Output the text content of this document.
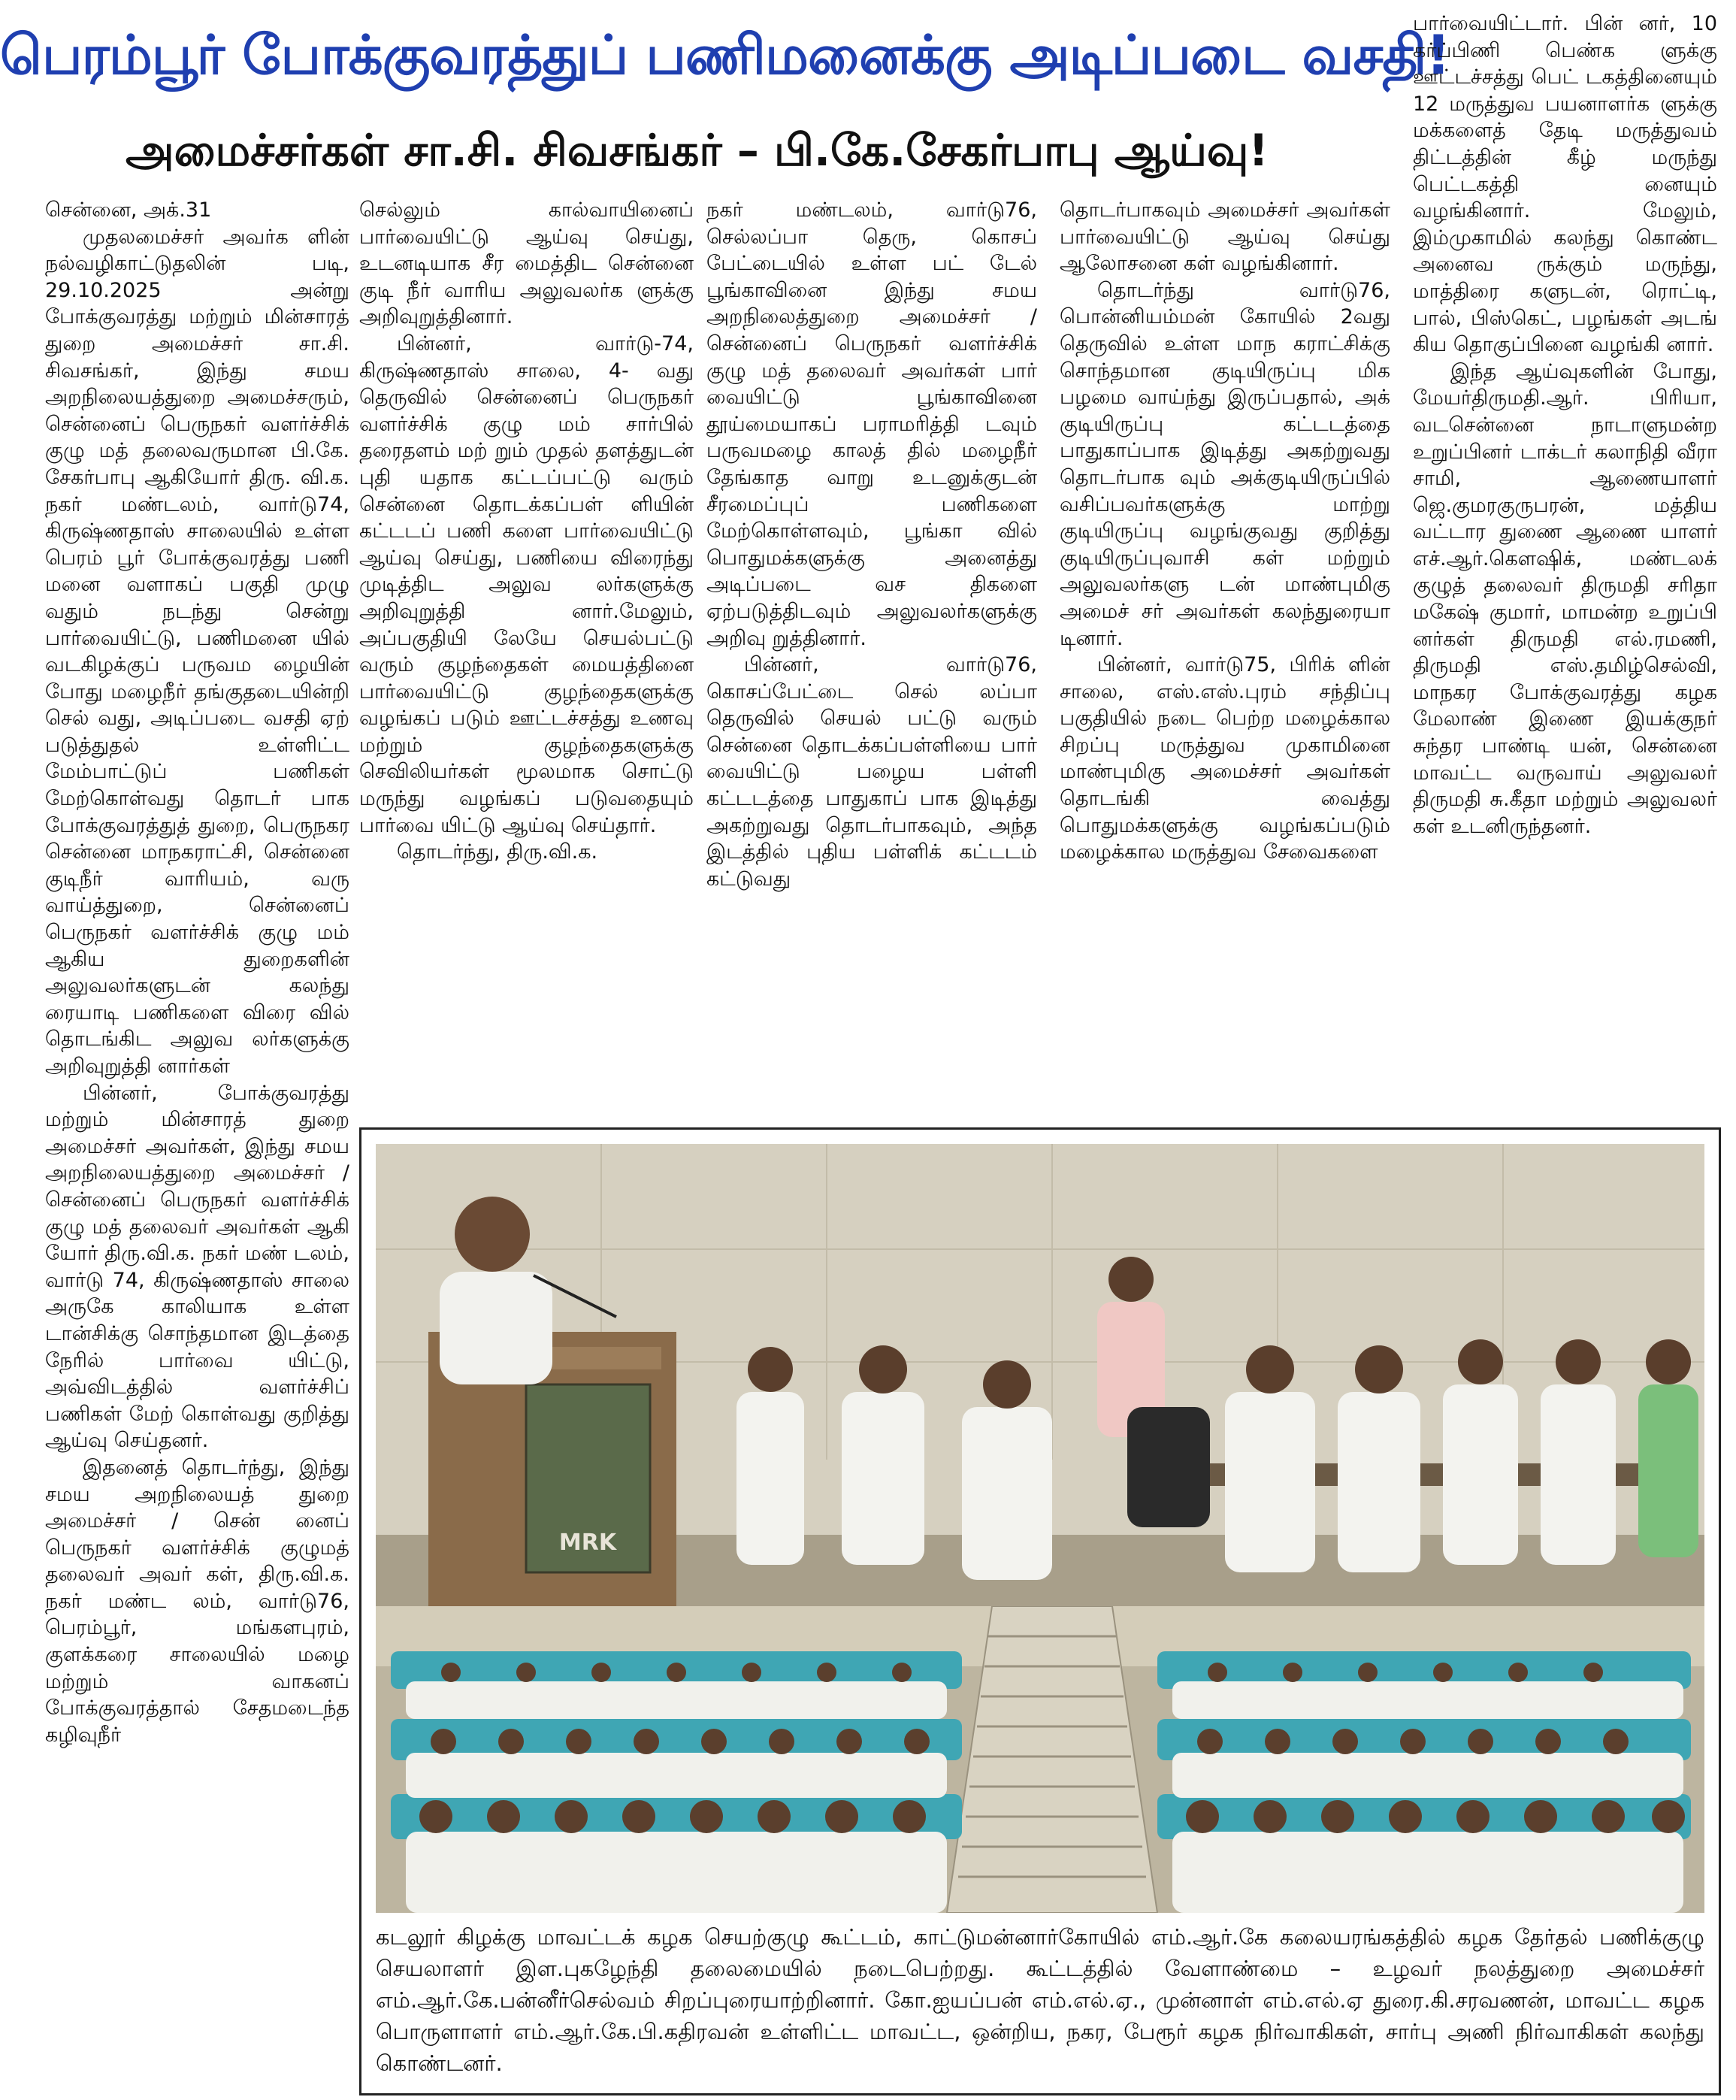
பெரம்பூர் போக்குவரத்துப் பணிமனைக்கு அடிப்படை வசதி!
அமைச்சர்கள் சா.சி. சிவசங்கர் – பி.கே.சேகர்பாபு ஆய்வு!

சென்னை, அக்.31

முதலமைச்சர் அவர்க ளின் நல்வழிகாட்டுதலின் படி, 29.10.2025 அன்று போக்குவரத்து மற்றும் மின்சாரத் துறை அமைச்சர் சா.சி. சிவசங்கர், இந்து சமய அறநிலையத்துறை அமைச்சரும், சென்னைப் பெருநகர் வளர்ச்சிக் குழு மத் தலைவருமான பி.கே. சேகர்பாபு ஆகியோர் திரு. வி.க. நகர் மண்டலம், வார்டு74, கிருஷ்ணதாஸ் சாலையில் உள்ள பெரம் பூர் போக்குவரத்து பணி மனை வளாகப் பகுதி முழு வதும் நடந்து சென்று பார்வையிட்டு, பணிமனை யில் வடகிழக்குப் பருவம ழையின் போது மழைநீர் தங்குதடையின்றி செல் வது, அடிப்படை வசதி ஏற் படுத்துதல் உள்ளிட்ட மேம்பாட்டுப் பணிகள் மேற்கொள்வது தொடர் பாக போக்குவரத்துத் துறை, பெருநகர சென்னை மாநகராட்சி, சென்னை குடிநீர் வாரியம், வரு வாய்த்துறை, சென்னைப் பெருநகர் வளர்ச்சிக் குழு மம் ஆகிய துறைகளின் அலுவலர்களுடன் கலந்து ரையாடி பணிகளை விரை வில் தொடங்கிட அலுவ லர்களுக்கு அறிவுறுத்தி னார்கள்

பின்னர், போக்குவரத்து மற்றும் மின்சாரத் துறை அமைச்சர் அவர்கள், இந்து சமய அறநிலையத்துறை அமைச்சர் / சென்னைப் பெருநகர் வளர்ச்சிக் குழு மத் தலைவர் அவர்கள் ஆகி யோர் திரு.வி.க. நகர் மண் டலம், வார்டு 74, கிருஷ்ணதாஸ் சாலை அருகே காலியாக உள்ள டான்சிக்கு சொந்தமான இடத்தை நேரில் பார்வை யிட்டு, அவ்விடத்தில் வளர்ச்சிப் பணிகள் மேற் கொள்வது குறித்து ஆய்வு செய்தனர்.

இதனைத் தொடர்ந்து, இந்து சமய அறநிலையத் துறை அமைச்சர் / சென் னைப் பெருநகர் வளர்ச்சிக் குழுமத் தலைவர் அவர் கள், திரு.வி.க. நகர் மண்ட லம், வார்டு76, பெரம்பூர், மங்களபுரம், குளக்கரை சாலையில் மழை மற்றும் வாகனப் போக்குவரத்தால் சேதமடைந்த கழிவுநீர்

செல்லும் கால்வாயினைப் பார்வையிட்டு ஆய்வு செய்து, உடனடியாக சீர மைத்திட சென்னை குடி நீர் வாரிய அலுவலர்க ளுக்கு அறிவுறுத்தினார்.

பின்னர், வார்டு-74, கிருஷ்ணதாஸ் சாலை, 4- வது தெருவில் சென்னைப் பெருநகர் வளர்ச்சிக் குழு மம் சார்பில் தரைதளம் மற் றும் முதல் தளத்துடன் புதி யதாக கட்டப்பட்டு வரும் சென்னை தொடக்கப்பள் ளியின் கட்டடப் பணி களை பார்வையிட்டு ஆய்வு செய்து, பணியை விரைந்து முடித்திட அலுவ லர்களுக்கு அறிவுறுத்தி னார்.மேலும், அப்பகுதியி லேயே செயல்பட்டு வரும் குழந்தைகள் மையத்தினை பார்வையிட்டு குழந்தைகளுக்கு வழங்கப் படும் ஊட்டச்சத்து உணவு மற்றும் குழந்தைகளுக்கு செவிலியர்கள் மூலமாக சொட்டு மருந்து வழங்கப் படுவதையும் பார்வை யிட்டு ஆய்வு செய்தார்.

தொடர்ந்து, திரு.வி.க.

நகர் மண்டலம், வார்டு76, செல்லப்பா தெரு, கொசப் பேட்டையில் உள்ள பட் டேல் பூங்காவினை இந்து சமய அறநிலைத்துறை அமைச்சர் / சென்னைப் பெருநகர் வளர்ச்சிக் குழு மத் தலைவர் அவர்கள் பார் வையிட்டு பூங்காவினை தூய்மையாகப் பராமரித்தி டவும் பருவமழை காலத் தில் மழைநீர் தேங்காத வாறு உடனுக்குடன் சீரமைப்புப் பணிகளை மேற்கொள்ளவும், பூங்கா வில் பொதுமக்களுக்கு அனைத்து அடிப்படை வச திகளை ஏற்படுத்திடவும் அலுவலர்களுக்கு அறிவு றுத்தினார்.

பின்னர், வார்டு76, கொசப்பேட்டை செல் லப்பா தெருவில் செயல் பட்டு வரும் சென்னை தொடக்கப்பள்ளியை பார் வையிட்டு பழைய பள்ளி கட்டடத்தை பாதுகாப் பாக இடித்து அகற்றுவது தொடர்பாகவும், அந்த இடத்தில் புதிய பள்ளிக் கட்டடம் கட்டுவது

தொடர்பாகவும் அமைச்சர் அவர்கள் பார்வையிட்டு ஆய்வு செய்து ஆலோசனை கள் வழங்கினார்.

தொடர்ந்து வார்டு76, பொன்னியம்மன் கோயில் 2வது தெருவில் உள்ள மாந கராட்சிக்கு சொந்தமான குடியிருப்பு மிக பழமை வாய்ந்து இருப்பதால், அக் குடியிருப்பு கட்டடத்தை பாதுகாப்பாக இடித்து அகற்றுவது தொடர்பாக வும் அக்குடியிருப்பில் வசிப்பவர்களுக்கு மாற்று குடியிருப்பு வழங்குவது குறித்து குடியிருப்புவாசி கள் மற்றும் அலுவலர்களு டன் மாண்புமிகு அமைச் சர் அவர்கள் கலந்துரையா டினார்.

பின்னர், வார்டு75, பிரிக் ளின் சாலை, எஸ்.எஸ்.புரம் சந்திப்பு பகுதியில் நடை பெற்ற மழைக்கால சிறப்பு மருத்துவ முகாமினை மாண்புமிகு அமைச்சர் அவர்கள் தொடங்கி வைத்து பொதுமக்களுக்கு வழங்கப்படும் மழைக்கால மருத்துவ சேவைகளை

பார்வையிட்டார். பின் னர், 10 கர்ப்பிணி பெண்க ளுக்கு ஊட்டச்சத்து பெட் டகத்தினையும் 12 மருத்துவ பயனாளர்க ளுக்கு மக்களைத் தேடி மருத்துவம் திட்டத்தின் கீழ் மருந்து பெட்டகத்தி னையும் வழங்கினார். மேலும், இம்முகாமில் கலந்து கொண்ட அனைவ ருக்கும் மருந்து, மாத்திரை களுடன், ரொட்டி, பால், பிஸ்கெட், பழங்கள் அடங் கிய தொகுப்பினை வழங்கி னார்.

இந்த ஆய்வுகளின் போது, மேயர்திருமதி.ஆர். பிரியா, வடசென்னை நாடாளுமன்ற உறுப்பினர் டாக்டர் கலாநிதி வீரா சாமி, ஆணையாளர் ஜெ.குமரகுருபரன், மத்திய வட்டார துணை ஆணை யாளர் எச்.ஆர்.கௌஷிக், மண்டலக் குழுத் தலைவர் திருமதி சரிதா மகேஷ் குமார், மாமன்ற உறுப்பி னர்கள் திருமதி எல்.ரமணி, திருமதி எஸ்.தமிழ்செல்வி, மாநகர போக்குவரத்து கழக மேலாண் இணை இயக்குநர் சுந்தர பாண்டி யன், சென்னை மாவட்ட வருவாய் அலுவலர் திருமதி சு.கீதா மற்றும் அலுவலர் கள் உடனிருந்தனர்.

MRK
கடலூர் கிழக்கு மாவட்டக் கழக செயற்குழு கூட்டம், காட்டுமன்னார்கோயில் எம்.ஆர்.கே கலையரங்கத்தில் கழக தேர்தல் பணிக்குழு செயலாளர் இள.புகழேந்தி தலைமையில் நடைபெற்றது. கூட்டத்தில் வேளாண்மை – உழவர் நலத்துறை அமைச்சர் எம்.ஆர்.கே.பன்னீர்செல்வம் சிறப்புரையாற்றினார். கோ.ஐயப்பன் எம்.எல்.ஏ., முன்னாள் எம்.எல்.ஏ துரை.கி.சரவணன், மாவட்ட கழக பொருளாளர் எம்.ஆர்.கே.பி.கதிரவன் உள்ளிட்ட மாவட்ட, ஒன்றிய, நகர, பேரூர் கழக நிர்வாகிகள், சார்பு அணி நிர்வாகிகள் கலந்து கொண்டனர்.
